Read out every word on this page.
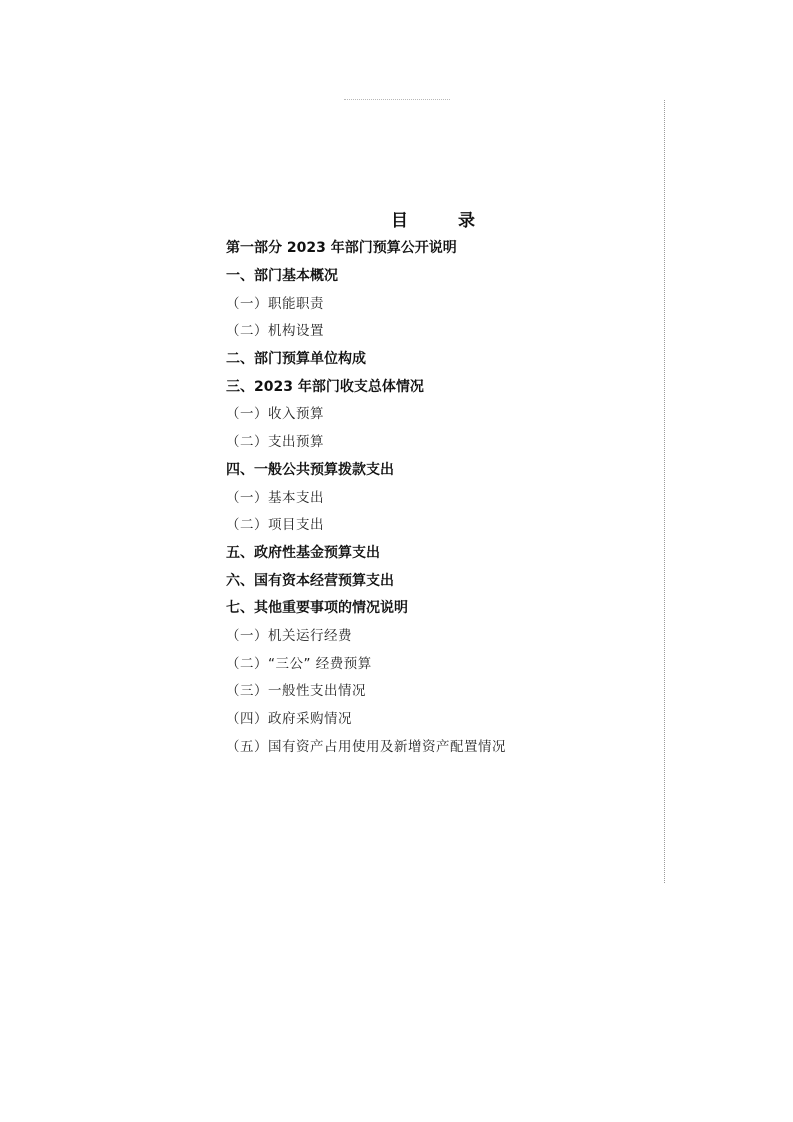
目 录
第一部分 2023 年部门预算公开说明
一、部门基本概况
（一）职能职责
（二）机构设置
二、部门预算单位构成
三、2023 年部门收支总体情况
（一）收入预算
（二）支出预算
四、一般公共预算拨款支出
（一）基本支出
（二）项目支出
五、政府性基金预算支出
六、国有资本经营预算支出
七、其他重要事项的情况说明
（一）机关运行经费
（二）“三公” 经费预算
（三）一般性支出情况
（四）政府采购情况
（五）国有资产占用使用及新增资产配置情况
